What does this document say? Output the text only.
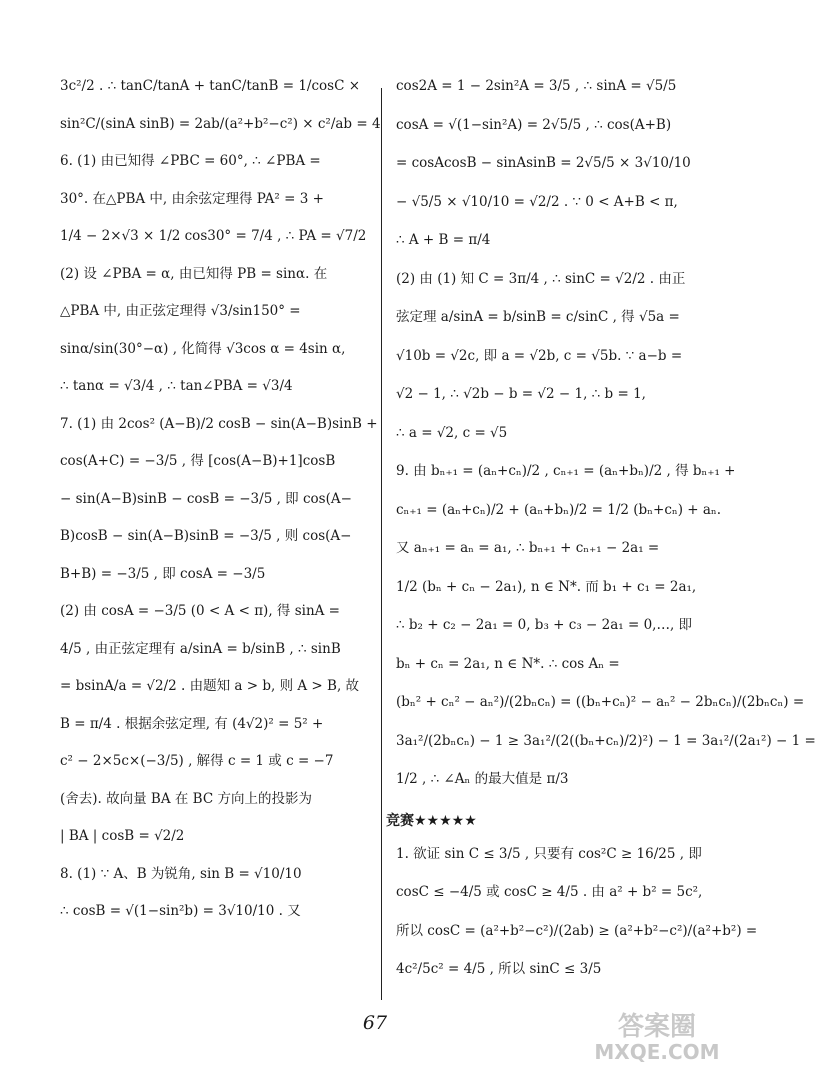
3c²/2 . ∴ tanC/tanA + tanC/tanB = 1/cosC ×
sin²C/(sinA sinB) = 2ab/(a²+b²−c²) × c²/ab = 4
6. (1) 由已知得 ∠PBC = 60°, ∴ ∠PBA =
30°. 在△PBA 中, 由余弦定理得 PA² = 3 +
1/4 − 2×√3 × 1/2 cos30° = 7/4 , ∴ PA = √7/2
(2) 设 ∠PBA = α, 由已知得 PB = sinα. 在
△PBA 中, 由正弦定理得 √3/sin150° =
sinα/sin(30°−α) , 化简得 √3cos α = 4sin α,
∴ tanα = √3/4 , ∴ tan∠PBA = √3/4
7. (1) 由 2cos² (A−B)/2 cosB − sin(A−B)sinB +
cos(A+C) = −3/5 , 得 [cos(A−B)+1]cosB
− sin(A−B)sinB − cosB = −3/5 , 即 cos(A−
B)cosB − sin(A−B)sinB = −3/5 , 则 cos(A−
B+B) = −3/5 , 即 cosA = −3/5
(2) 由 cosA = −3/5 (0 < A < π), 得 sinA =
4/5 , 由正弦定理有 a/sinA = b/sinB , ∴ sinB
= bsinA/a = √2/2 . 由题知 a > b, 则 A > B, 故
B = π/4 . 根据余弦定理, 有 (4√2)² = 5² +
c² − 2×5c×(−3/5) , 解得 c = 1 或 c = −7
(舍去). 故向量 BA 在 BC 方向上的投影为
| BA | cosB = √2/2
8. (1) ∵ A、B 为锐角, sin B = √10/10
∴ cosB = √(1−sin²b) = 3√10/10 . 又
cos2A = 1 − 2sin²A = 3/5 , ∴ sinA = √5/5
cosA = √(1−sin²A) = 2√5/5 , ∴ cos(A+B)
= cosAcosB − sinAsinB = 2√5/5 × 3√10/10
− √5/5 × √10/10 = √2/2 . ∵ 0 < A+B < π,
∴ A + B = π/4
(2) 由 (1) 知 C = 3π/4 , ∴ sinC = √2/2 . 由正
弦定理 a/sinA = b/sinB = c/sinC , 得 √5a =
√10b = √2c, 即 a = √2b, c = √5b. ∵ a−b =
√2 − 1, ∴ √2b − b = √2 − 1, ∴ b = 1,
∴ a = √2, c = √5
9. 由 bₙ₊₁ = (aₙ+cₙ)/2 , cₙ₊₁ = (aₙ+bₙ)/2 , 得 bₙ₊₁ +
cₙ₊₁ = (aₙ+cₙ)/2 + (aₙ+bₙ)/2 = 1/2 (bₙ+cₙ) + aₙ.
又 aₙ₊₁ = aₙ = a₁, ∴ bₙ₊₁ + cₙ₊₁ − 2a₁ =
1/2 (bₙ + cₙ − 2a₁), n ∈ N*. 而 b₁ + c₁ = 2a₁,
∴ b₂ + c₂ − 2a₁ = 0, b₃ + c₃ − 2a₁ = 0,…, 即
bₙ + cₙ = 2a₁, n ∈ N*. ∴ cos Aₙ =
(bₙ² + cₙ² − aₙ²)/(2bₙcₙ) = ((bₙ+cₙ)² − aₙ² − 2bₙcₙ)/(2bₙcₙ) =
3a₁²/(2bₙcₙ) − 1 ≥ 3a₁²/(2((bₙ+cₙ)/2)²) − 1 = 3a₁²/(2a₁²) − 1 =
1/2 , ∴ ∠Aₙ 的最大值是 π/3
竞赛★★★★★
1. 欲证 sin C ≤ 3/5 , 只要有 cos²C ≥ 16/25 , 即
cosC ≤ −4/5 或 cosC ≥ 4/5 . 由 a² + b² = 5c²,
所以 cosC = (a²+b²−c²)/(2ab) ≥ (a²+b²−c²)/(a²+b²) =
4c²/5c² = 4/5 , 所以 sinC ≤ 3/5
67	答案圈
MXQE.COM
